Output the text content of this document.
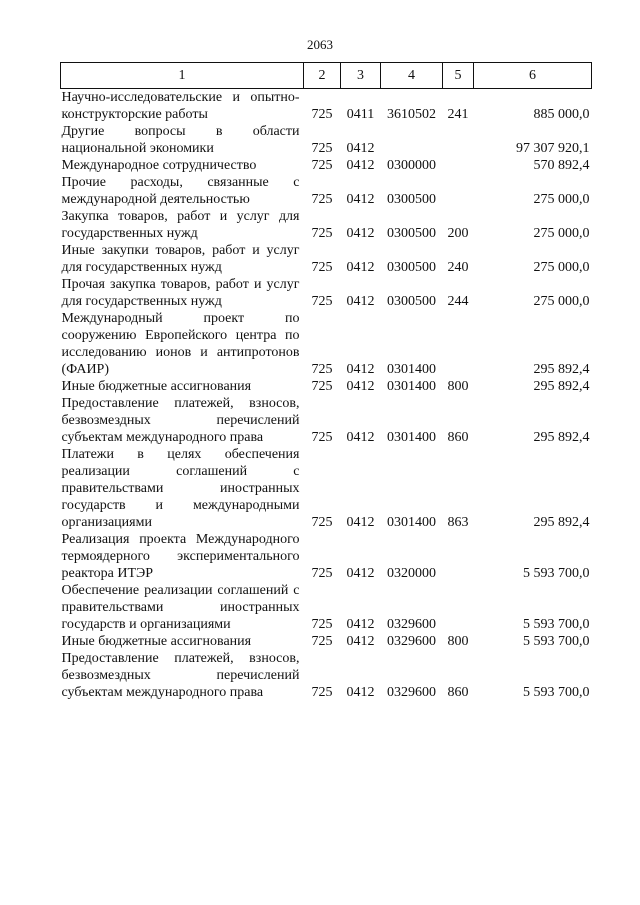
2063
1	2	3	4	5	6
Научно-исследовательские и опытно-конструкторские работы	725	0411	3610502	241	885 000,0
Другие вопросы в области национальной экономики	725	0412			97 307 920,1
Международное сотрудничество	725	0412	0300000		570 892,4
Прочие расходы, связанные с международной деятельностью	725	0412	0300500		275 000,0
Закупка товаров, работ и услуг для государственных нужд	725	0412	0300500	200	275 000,0
Иные закупки товаров, работ и услуг для государственных нужд	725	0412	0300500	240	275 000,0
Прочая закупка товаров, работ и услуг для государственных нужд	725	0412	0300500	244	275 000,0
Международный проект по сооружению Европейского центра по исследованию ионов и антипротонов (ФАИР)	725	0412	0301400		295 892,4
Иные бюджетные ассигнования	725	0412	0301400	800	295 892,4
Предоставление платежей, взносов, безвозмездных перечислений субъектам международного права	725	0412	0301400	860	295 892,4
Платежи в целях обеспечения реализации соглашений с правительствами иностранных государств и международными организациями	725	0412	0301400	863	295 892,4
Реализация проекта Международного термоядерного экспериментального реактора ИТЭР	725	0412	0320000		5 593 700,0
Обеспечение реализации соглашений с правительствами иностранных государств и организациями	725	0412	0329600		5 593 700,0
Иные бюджетные ассигнования	725	0412	0329600	800	5 593 700,0
Предоставление платежей, взносов, безвозмездных перечислений субъектам международного права	725	0412	0329600	860	5 593 700,0
